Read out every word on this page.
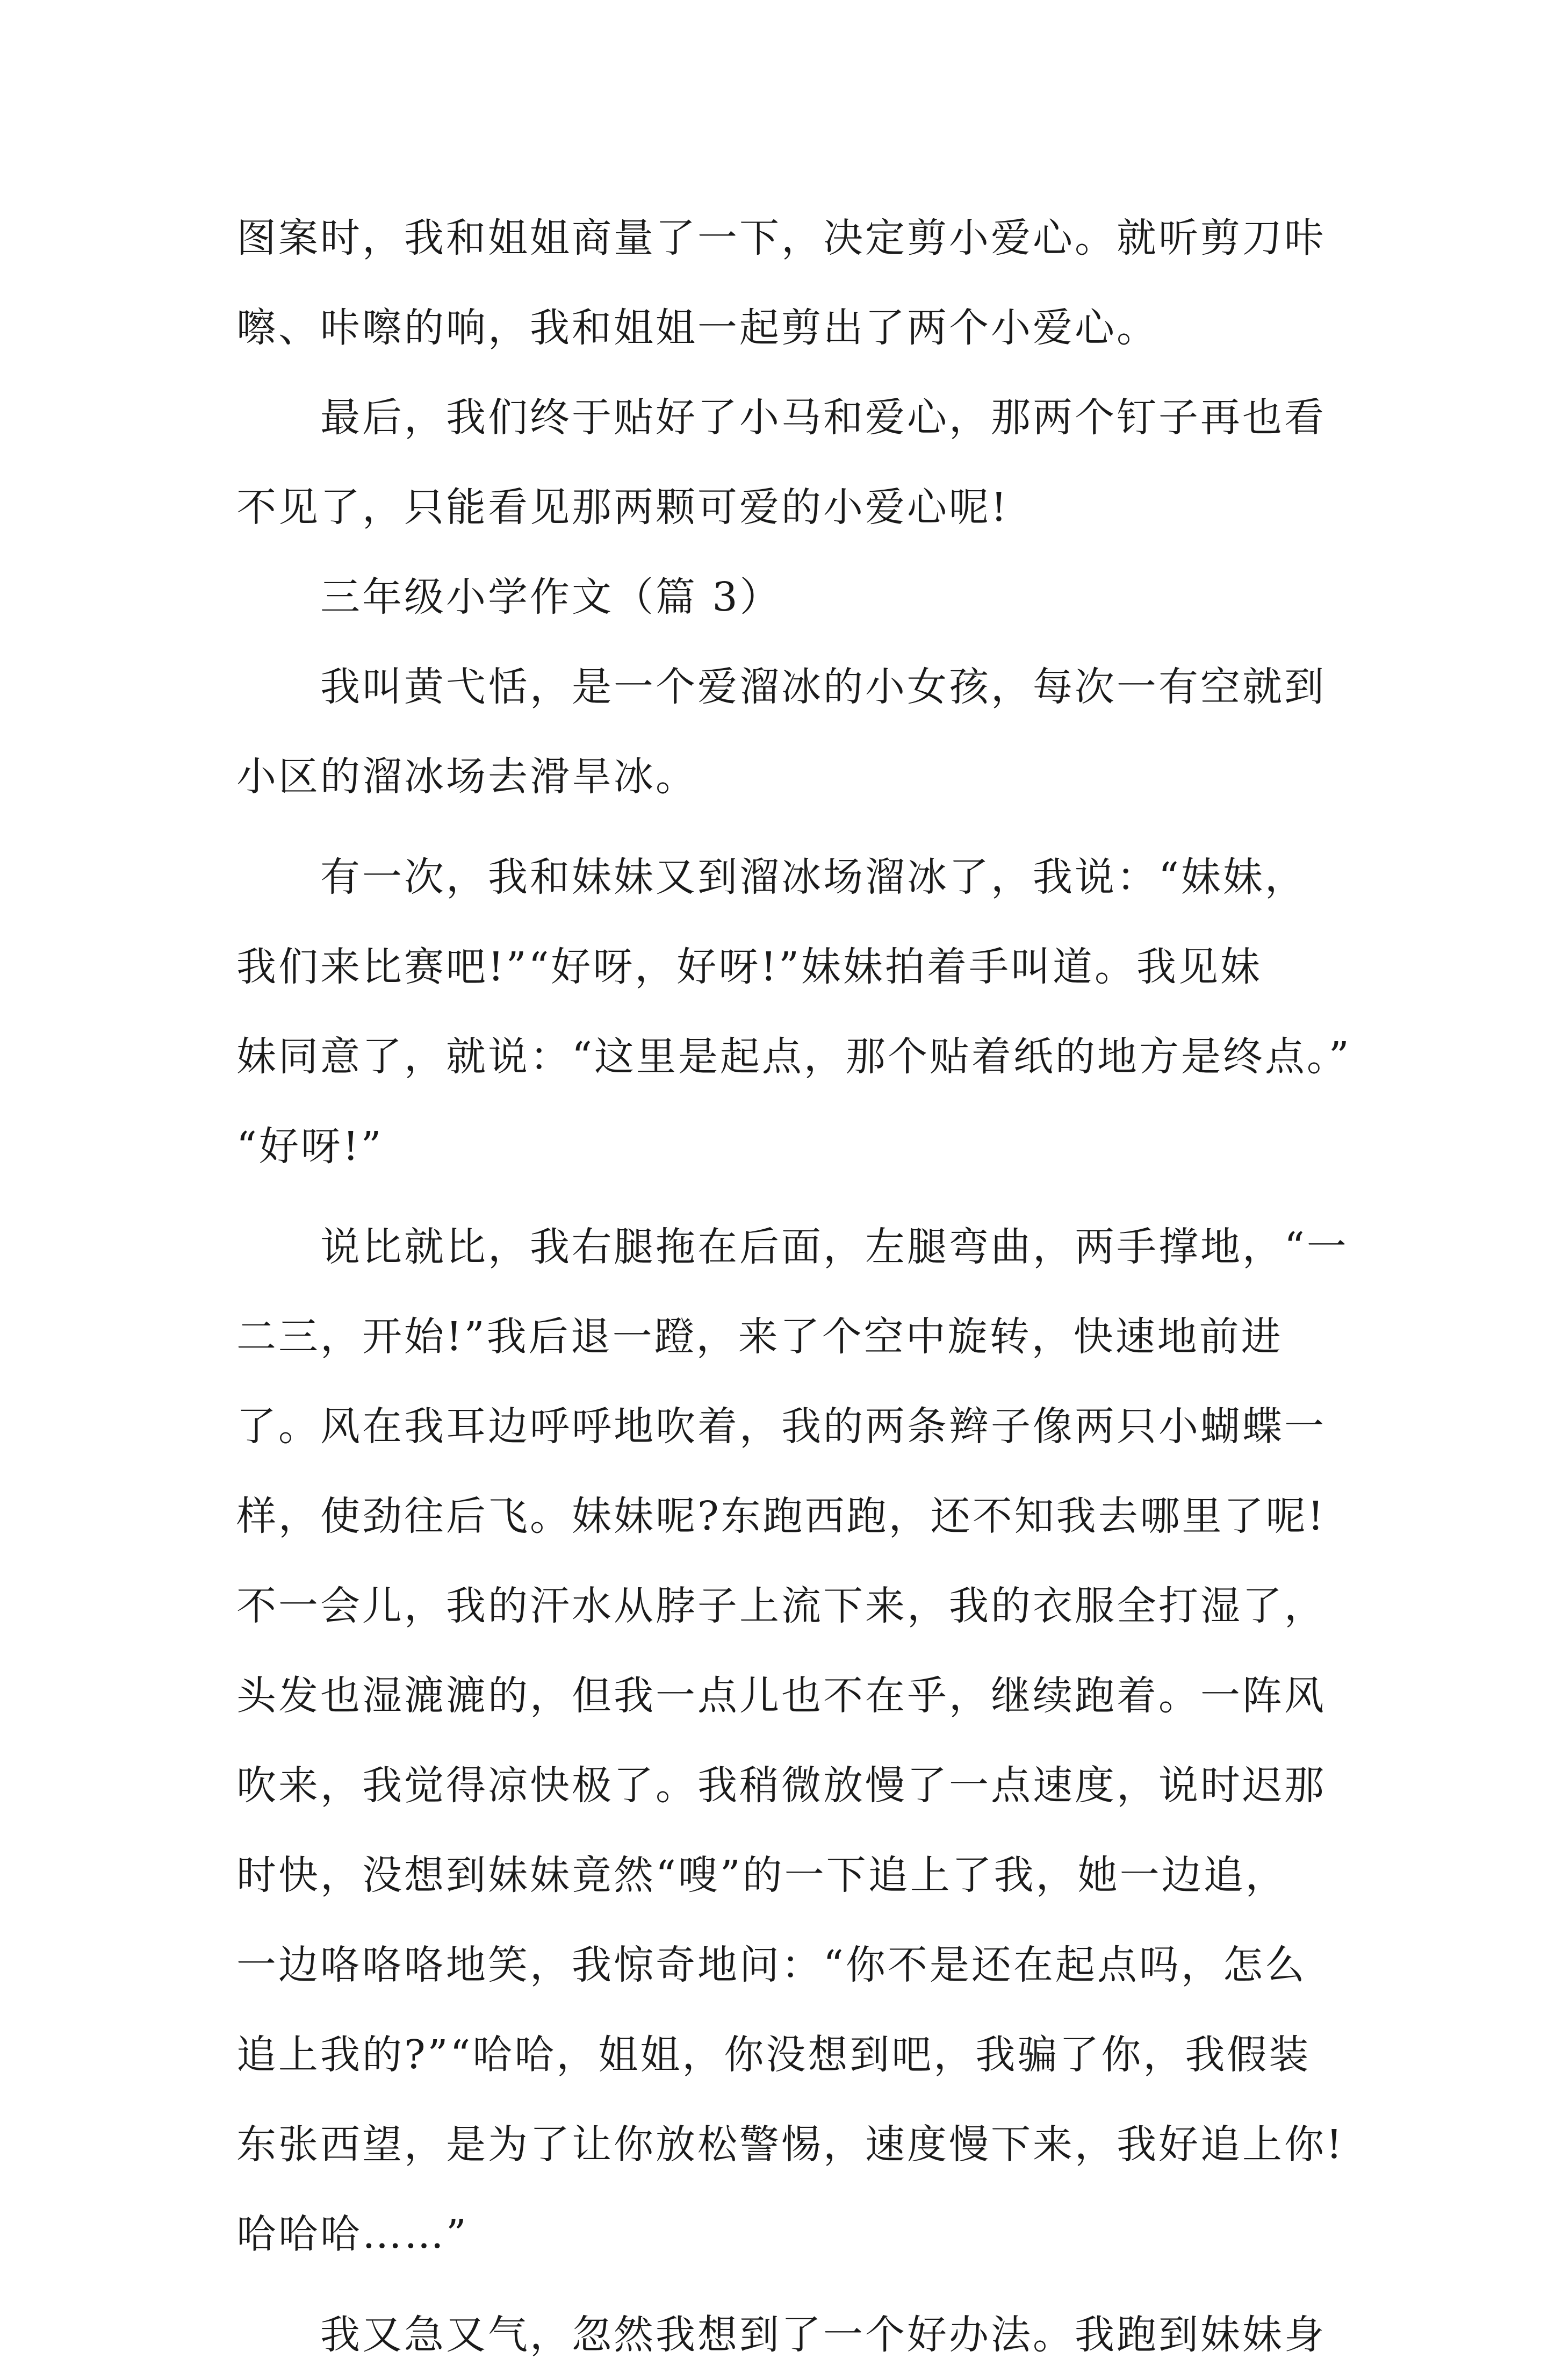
图案时，我和姐姐商量了一下，决定剪小爱心。就听剪刀咔
嚓、咔嚓的响，我和姐姐一起剪出了两个小爱心。
最后，我们终于贴好了小马和爱心，那两个钉子再也看
不见了，只能看见那两颗可爱的小爱心呢!
三年级小学作文（篇 3）
我叫黄弋恬，是一个爱溜冰的小女孩，每次一有空就到
小区的溜冰场去滑旱冰。
有一次，我和妹妹又到溜冰场溜冰了，我说：“妹妹，
我们来比赛吧!”“好呀，好呀!”妹妹拍着手叫道。我见妹
妹同意了，就说：“这里是起点，那个贴着纸的地方是终点。”
“好呀!”
说比就比，我右腿拖在后面，左腿弯曲，两手撑地，“一
二三，开始!”我后退一蹬，来了个空中旋转，快速地前进
了。风在我耳边呼呼地吹着，我的两条辫子像两只小蝴蝶一
样，使劲往后飞。妹妹呢?东跑西跑，还不知我去哪里了呢!
不一会儿，我的汗水从脖子上流下来，我的衣服全打湿了，
头发也湿漉漉的，但我一点儿也不在乎，继续跑着。一阵风
吹来，我觉得凉快极了。我稍微放慢了一点速度，说时迟那
时快，没想到妹妹竟然“嗖”的一下追上了我，她一边追，
一边咯咯咯地笑，我惊奇地问：“你不是还在起点吗，怎么
追上我的?”“哈哈，姐姐，你没想到吧，我骗了你，我假装
东张西望，是为了让你放松警惕，速度慢下来，我好追上你!
哈哈哈……”
我又急又气，忽然我想到了一个好办法。我跑到妹妹身
